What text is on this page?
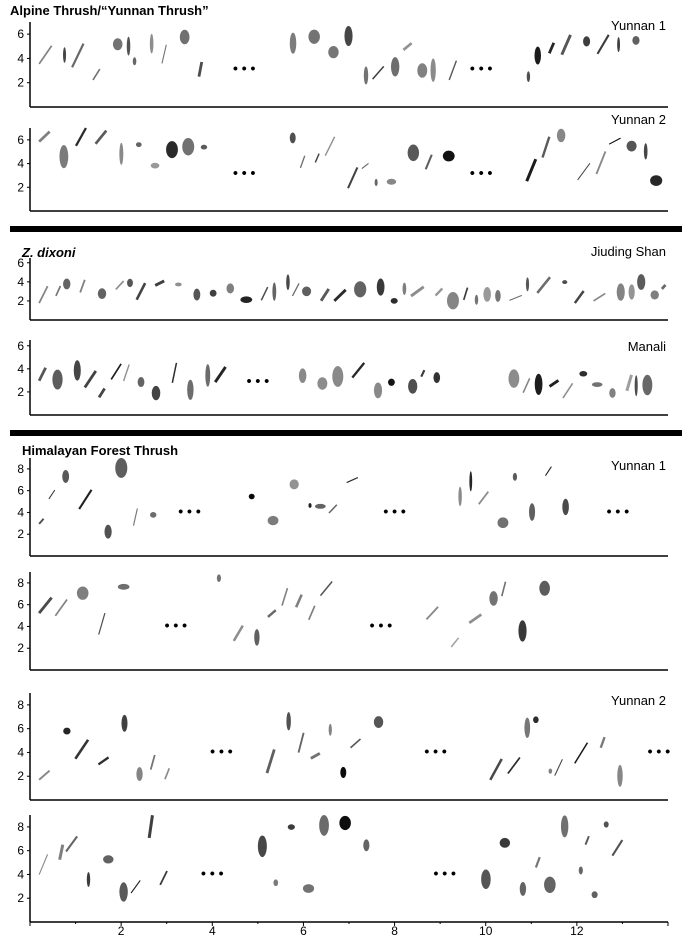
Alpine Thrush/“Yunnan Thrush”
Z. dixoni
Himalayan Forest Thrush
Yunnan 1
Yunnan 2
Jiuding Shan
Manali
Yunnan 1
Yunnan 2
2
4
6
• • •	• • •
2
4
6
• • •	• • •
2
4
6
2
4
6
• • •
2
4
6
8
• • •	• • •	• • •
2
4
6
8
• • •	• • •
2
4
6
8
• • •	• • •	• • •
2
4
6
8
• • •	• • •
2	4	6	8	10	12
